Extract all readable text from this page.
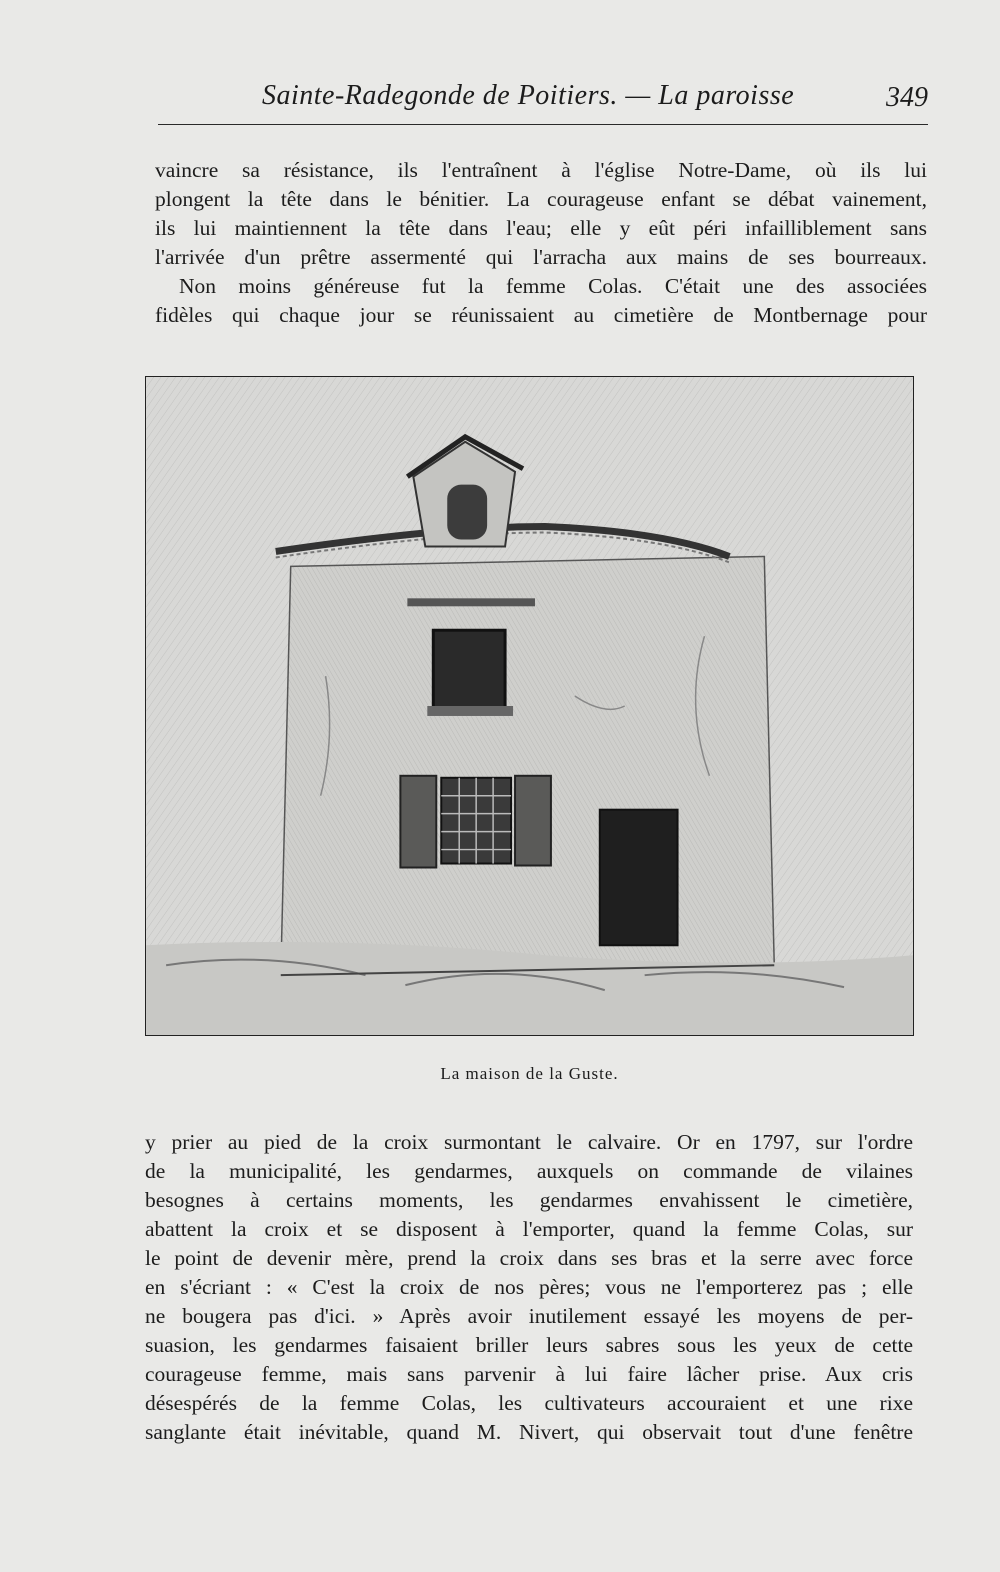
Sainte-Radegonde de Poitiers. — La paroisse	349
vaincre sa résistance, ils l'entraînent à l'église Notre-Dame, où ils lui
plongent la tête dans le bénitier. La courageuse enfant se débat vainement,
ils lui maintiennent la tête dans l'eau; elle y eût péri infailliblement sans
l'arrivée d'un prêtre assermenté qui l'arracha aux mains de ses bourreaux.
Non moins généreuse fut la femme Colas. C'était une des associées
fidèles qui chaque jour se réunissaient au cimetière de Montbernage pour
La maison de la Guste.
y prier au pied de la croix surmontant le calvaire. Or en 1797, sur l'ordre
de la municipalité, les gendarmes, auxquels on commande de vilaines
besognes à certains moments, les gendarmes envahissent le cimetière,
abattent la croix et se disposent à l'emporter, quand la femme Colas, sur
le point de devenir mère, prend la croix dans ses bras et la serre avec force
en s'écriant : « C'est la croix de nos pères; vous ne l'emporterez pas ; elle
ne bougera pas d'ici. » Après avoir inutilement essayé les moyens de per-
suasion, les gendarmes faisaient briller leurs sabres sous les yeux de cette
courageuse femme, mais sans parvenir à lui faire lâcher prise. Aux cris
désespérés de la femme Colas, les cultivateurs accouraient et une rixe
sanglante était inévitable, quand M. Nivert, qui observait tout d'une fenêtre
